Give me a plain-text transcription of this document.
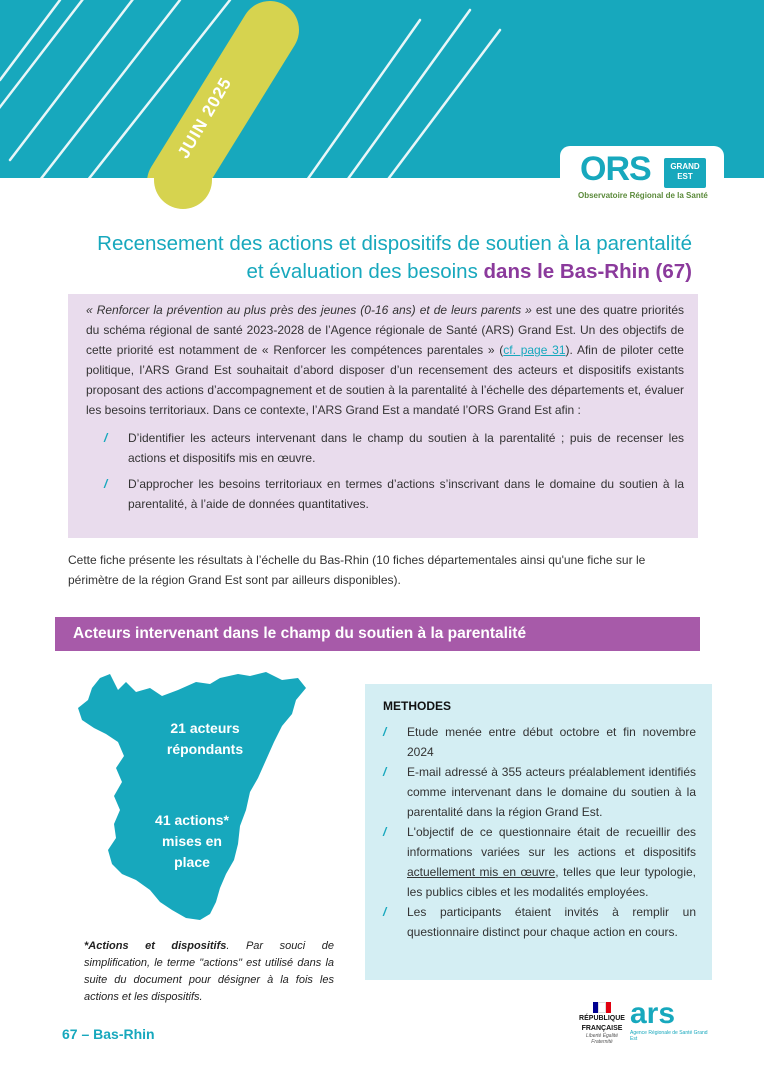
JUIN 2025
ORS	GRAND EST
Observatoire Régional de la Santé
Recensement des actions et dispositifs de soutien à la parentalité
et évaluation des besoins dans le Bas-Rhin (67)
« Renforcer la prévention au plus près des jeunes (0-16 ans) et de leurs parents » est une des quatre priorités du schéma régional de santé 2023-2028 de l’Agence régionale de Santé (ARS) Grand Est. Un des objectifs de cette priorité est notamment de « Renforcer les compétences parentales » (cf. page 31). Afin de piloter cette politique, l’ARS Grand Est souhaitait d’abord disposer d’un recensement des acteurs et dispositifs existants proposant des actions d’accompagnement et de soutien à la parentalité à l’échelle des départements et, évaluer les besoins territoriaux. Dans ce contexte, l’ARS Grand Est a mandaté l’ORS Grand Est afin :
/ D’identifier les acteurs intervenant dans le champ du soutien à la parentalité ; puis de recenser les actions et dispositifs mis en œuvre.
/ D’approcher les besoins territoriaux en termes d’actions s’inscrivant dans le domaine du soutien à la parentalité, à l’aide de données quantitatives.
Cette fiche présente les résultats à l’échelle du Bas-Rhin (10 fiches départementales ainsi qu'une fiche sur le périmètre de la région Grand Est sont par ailleurs disponibles).
Acteurs intervenant dans le champ du soutien à la parentalité
21 acteurs
répondants
41 actions*
mises en
place
*Actions et dispositifs. Par souci de simplification, le terme "actions" est utilisé dans la suite du document pour désigner à la fois les actions et les dispositifs.
METHODES
/ Etude menée entre début octobre et fin novembre 2024
/ E-mail adressé à 355 acteurs préalablement identifiés comme intervenant dans le domaine du soutien à la parentalité dans la région Grand Est.
/ L'objectif de ce questionnaire était de recueillir des informations variées sur les actions et dispositifs actuellement mis en œuvre, telles que leur typologie, les publics cibles et les modalités employées.
/ Les participants étaient invités à remplir un questionnaire distinct pour chaque action en cours.
67 – Bas-Rhin
RÉPUBLIQUE
FRANÇAISE
Liberté Égalité Fraternité
ars
Agence Régionale de Santé Grand Est
